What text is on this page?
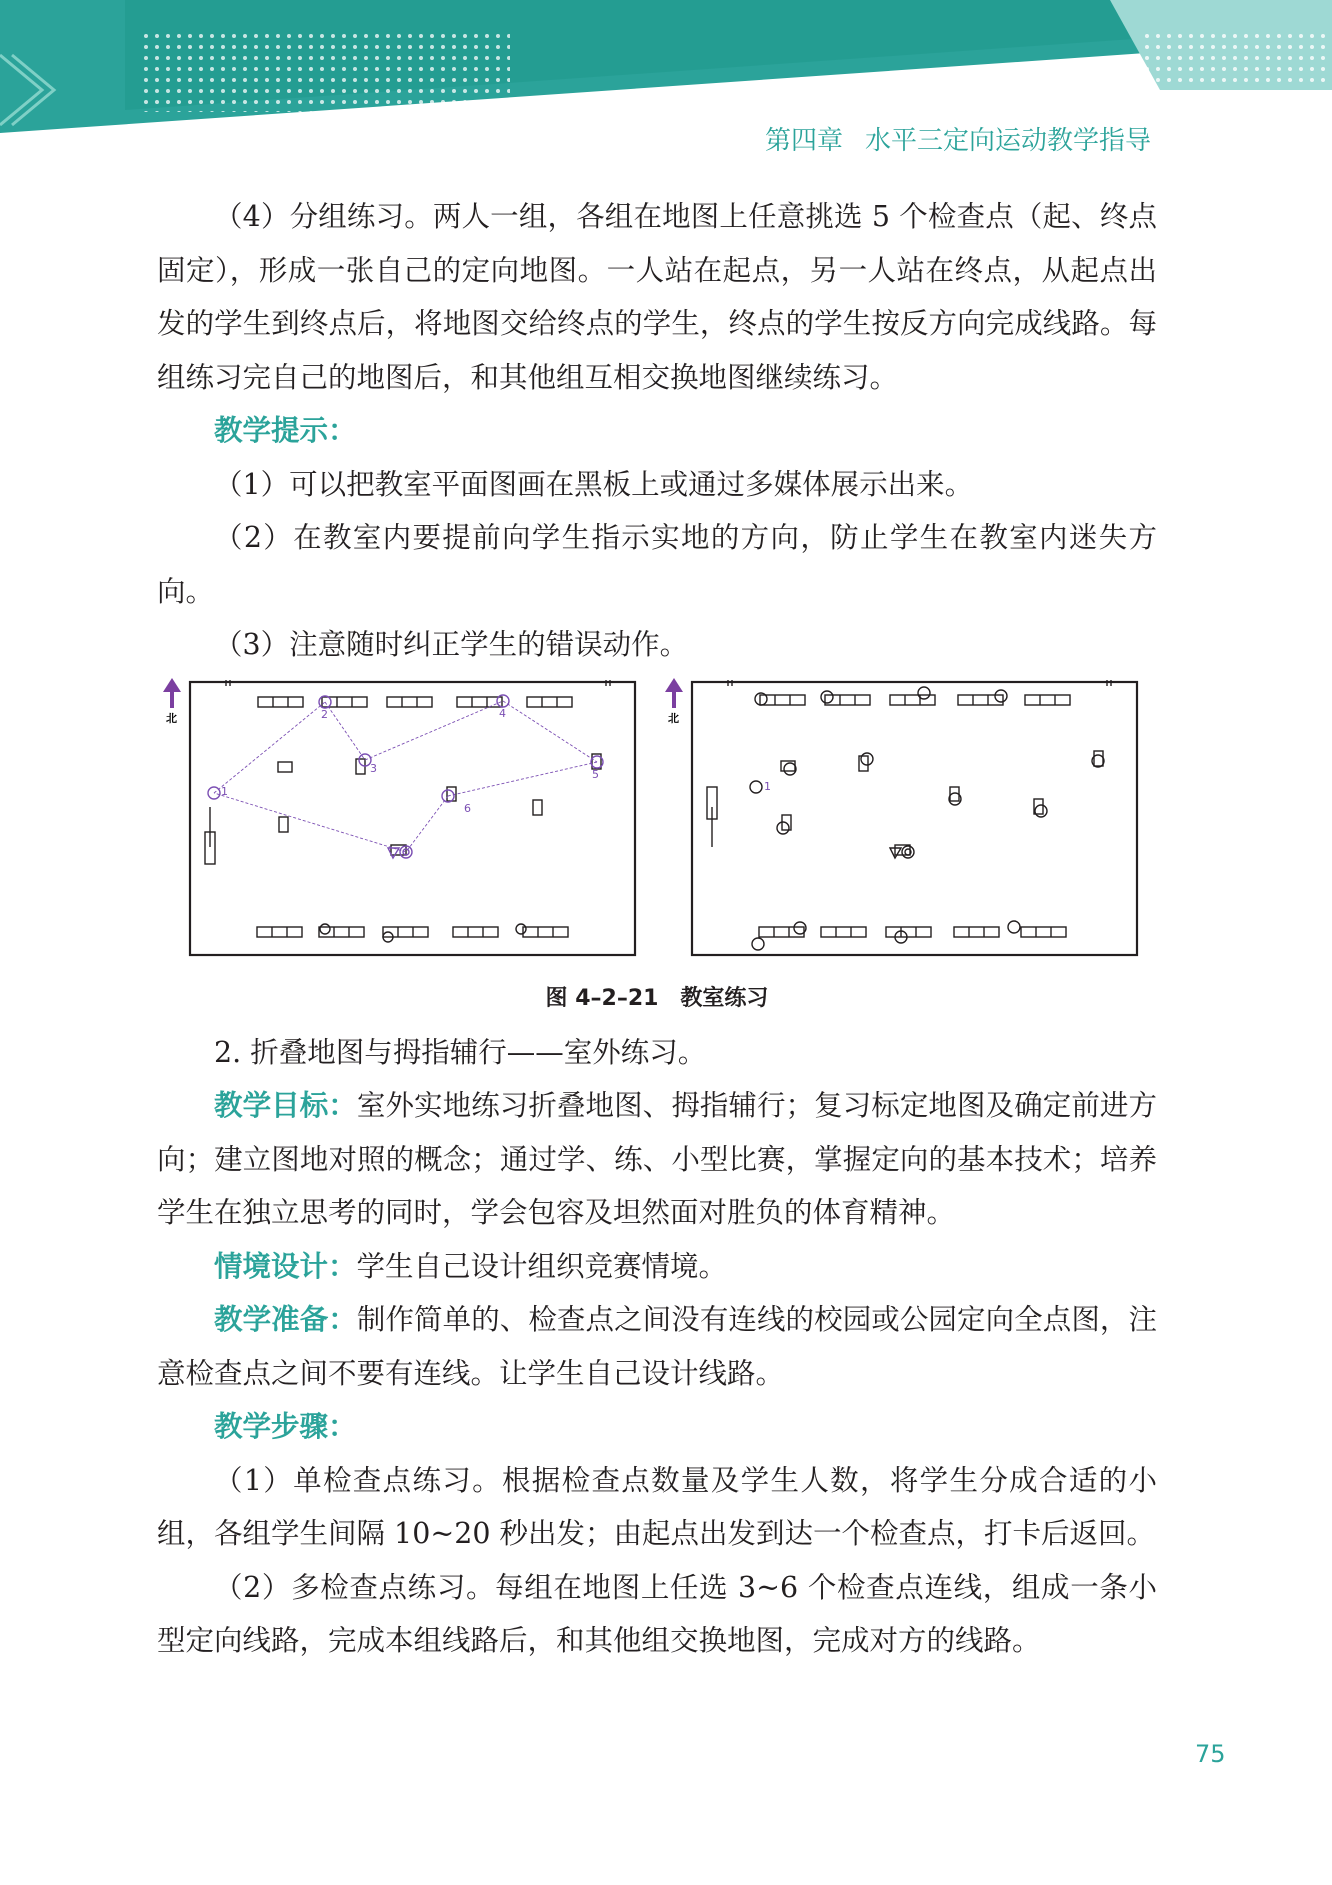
第四章 水平三定向运动教学指导

（4）分组练习。两人一组，各组在地图上任意挑选 5 个检查点（起、终点固定），形成一张自己的定向地图。一人站在起点，另一人站在终点，从起点出发的学生到终点后，将地图交给终点的学生，终点的学生按反方向完成线路。每组练习完自己的地图后，和其他组互相交换地图继续练习。

教学提示：

（1）可以把教室平面图画在黑板上或通过多媒体展示出来。

（2）在教室内要提前向学生指示实地的方向，防止学生在教室内迷失方向。

（3）注意随时纠正学生的错误动作。

1
2
3
4
5
6
北
1
北

图 4–2–21　教室练习

2. 折叠地图与拇指辅行——室外练习。

教学目标：室外实地练习折叠地图、拇指辅行；复习标定地图及确定前进方向；建立图地对照的概念；通过学、练、小型比赛，掌握定向的基本技术；培养学生在独立思考的同时，学会包容及坦然面对胜负的体育精神。

情境设计：学生自己设计组织竞赛情境。

教学准备：制作简单的、检查点之间没有连线的校园或公园定向全点图，注意检查点之间不要有连线。让学生自己设计线路。

教学步骤：

（1）单检查点练习。根据检查点数量及学生人数，将学生分成合适的小组，各组学生间隔 10~20 秒出发；由起点出发到达一个检查点，打卡后返回。

（2）多检查点练习。每组在地图上任选 3~6 个检查点连线，组成一条小型定向线路，完成本组线路后，和其他组交换地图，完成对方的线路。

75
